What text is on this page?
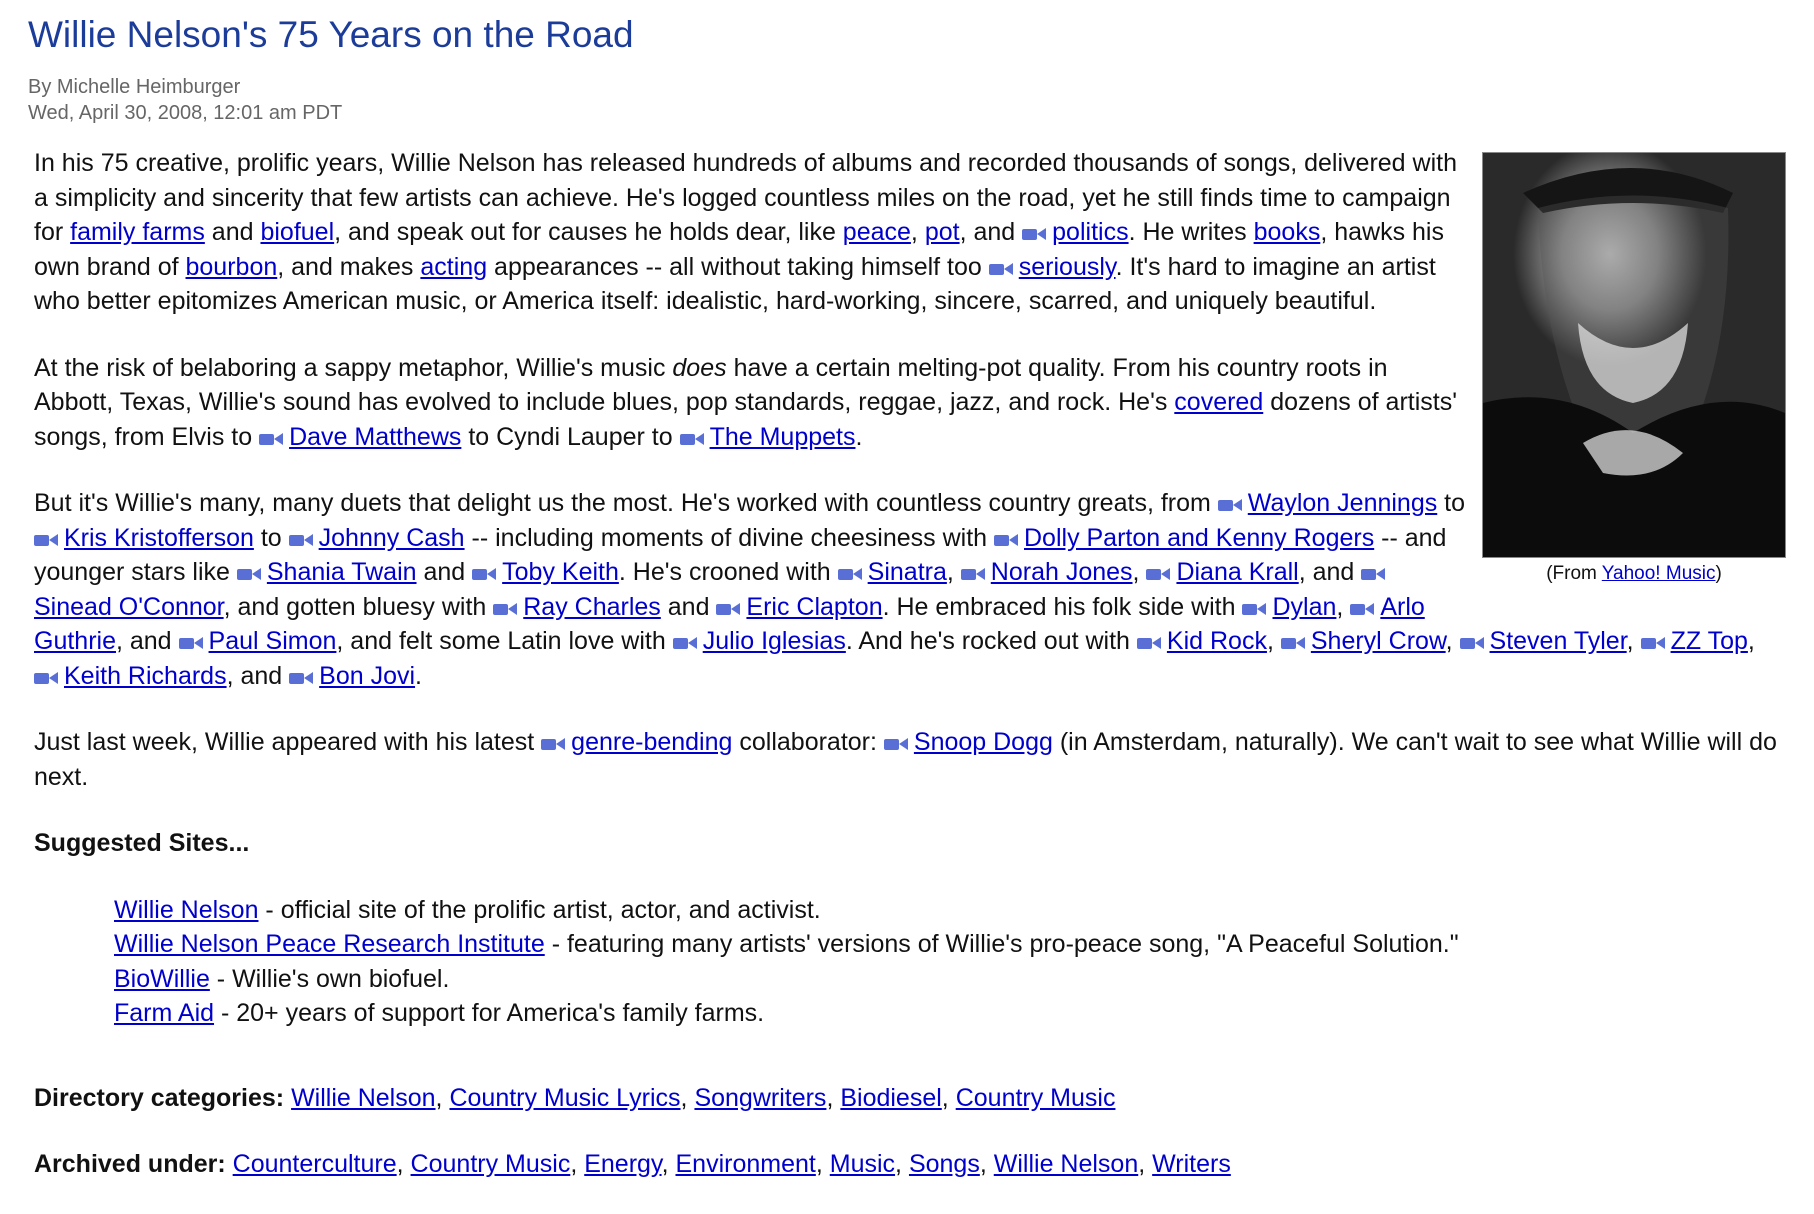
Willie Nelson's 75 Years on the Road
By Michelle Heimburger
Wed, April 30, 2008, 12:01 am PDT
(From Yahoo! Music)

In his 75 creative, prolific years, Willie Nelson has released hundreds of albums and recorded thousands of songs, delivered with a simplicity and sincerity that few artists can achieve. He's logged countless miles on the road, yet he still finds time to campaign for family farms and biofuel, and speak out for causes he holds dear, like peace, pot, and politics. He writes books, hawks his own brand of bourbon, and makes acting appearances -- all without taking himself too seriously. It's hard to imagine an artist who better epitomizes American music, or America itself: idealistic, hard-working, sincere, scarred, and uniquely beautiful.

At the risk of belaboring a sappy metaphor, Willie's music does have a certain melting-pot quality. From his country roots in Abbott, Texas, Willie's sound has evolved to include blues, pop standards, reggae, jazz, and rock. He's covered dozens of artists' songs, from Elvis to Dave Matthews to Cyndi Lauper to The Muppets.

But it's Willie's many, many duets that delight us the most. He's worked with countless country greats, from Waylon Jennings to Kris Kristofferson to Johnny Cash -- including moments of divine cheesiness with Dolly Parton and Kenny Rogers -- and younger stars like Shania Twain and Toby Keith. He's crooned with Sinatra, Norah Jones, Diana Krall, and Sinead O'Connor, and gotten bluesy with Ray Charles and Eric Clapton. He embraced his folk side with Dylan, Arlo Guthrie, and Paul Simon, and felt some Latin love with Julio Iglesias. And he's rocked out with Kid Rock, Sheryl Crow, Steven Tyler, ZZ Top, Keith Richards, and Bon Jovi.

Just last week, Willie appeared with his latest genre-bending collaborator: Snoop Dogg (in Amsterdam, naturally). We can't wait to see what Willie will do next.

Suggested Sites...

Willie Nelson - official site of the prolific artist, actor, and activist.
Willie Nelson Peace Research Institute - featuring many artists' versions of Willie's pro-peace song, "A Peaceful Solution."
BioWillie - Willie's own biofuel.
Farm Aid - 20+ years of support for America's family farms.

Directory categories: Willie Nelson, Country Music Lyrics, Songwriters, Biodiesel, Country Music

Archived under: Counterculture, Country Music, Energy, Environment, Music, Songs, Willie Nelson, Writers
